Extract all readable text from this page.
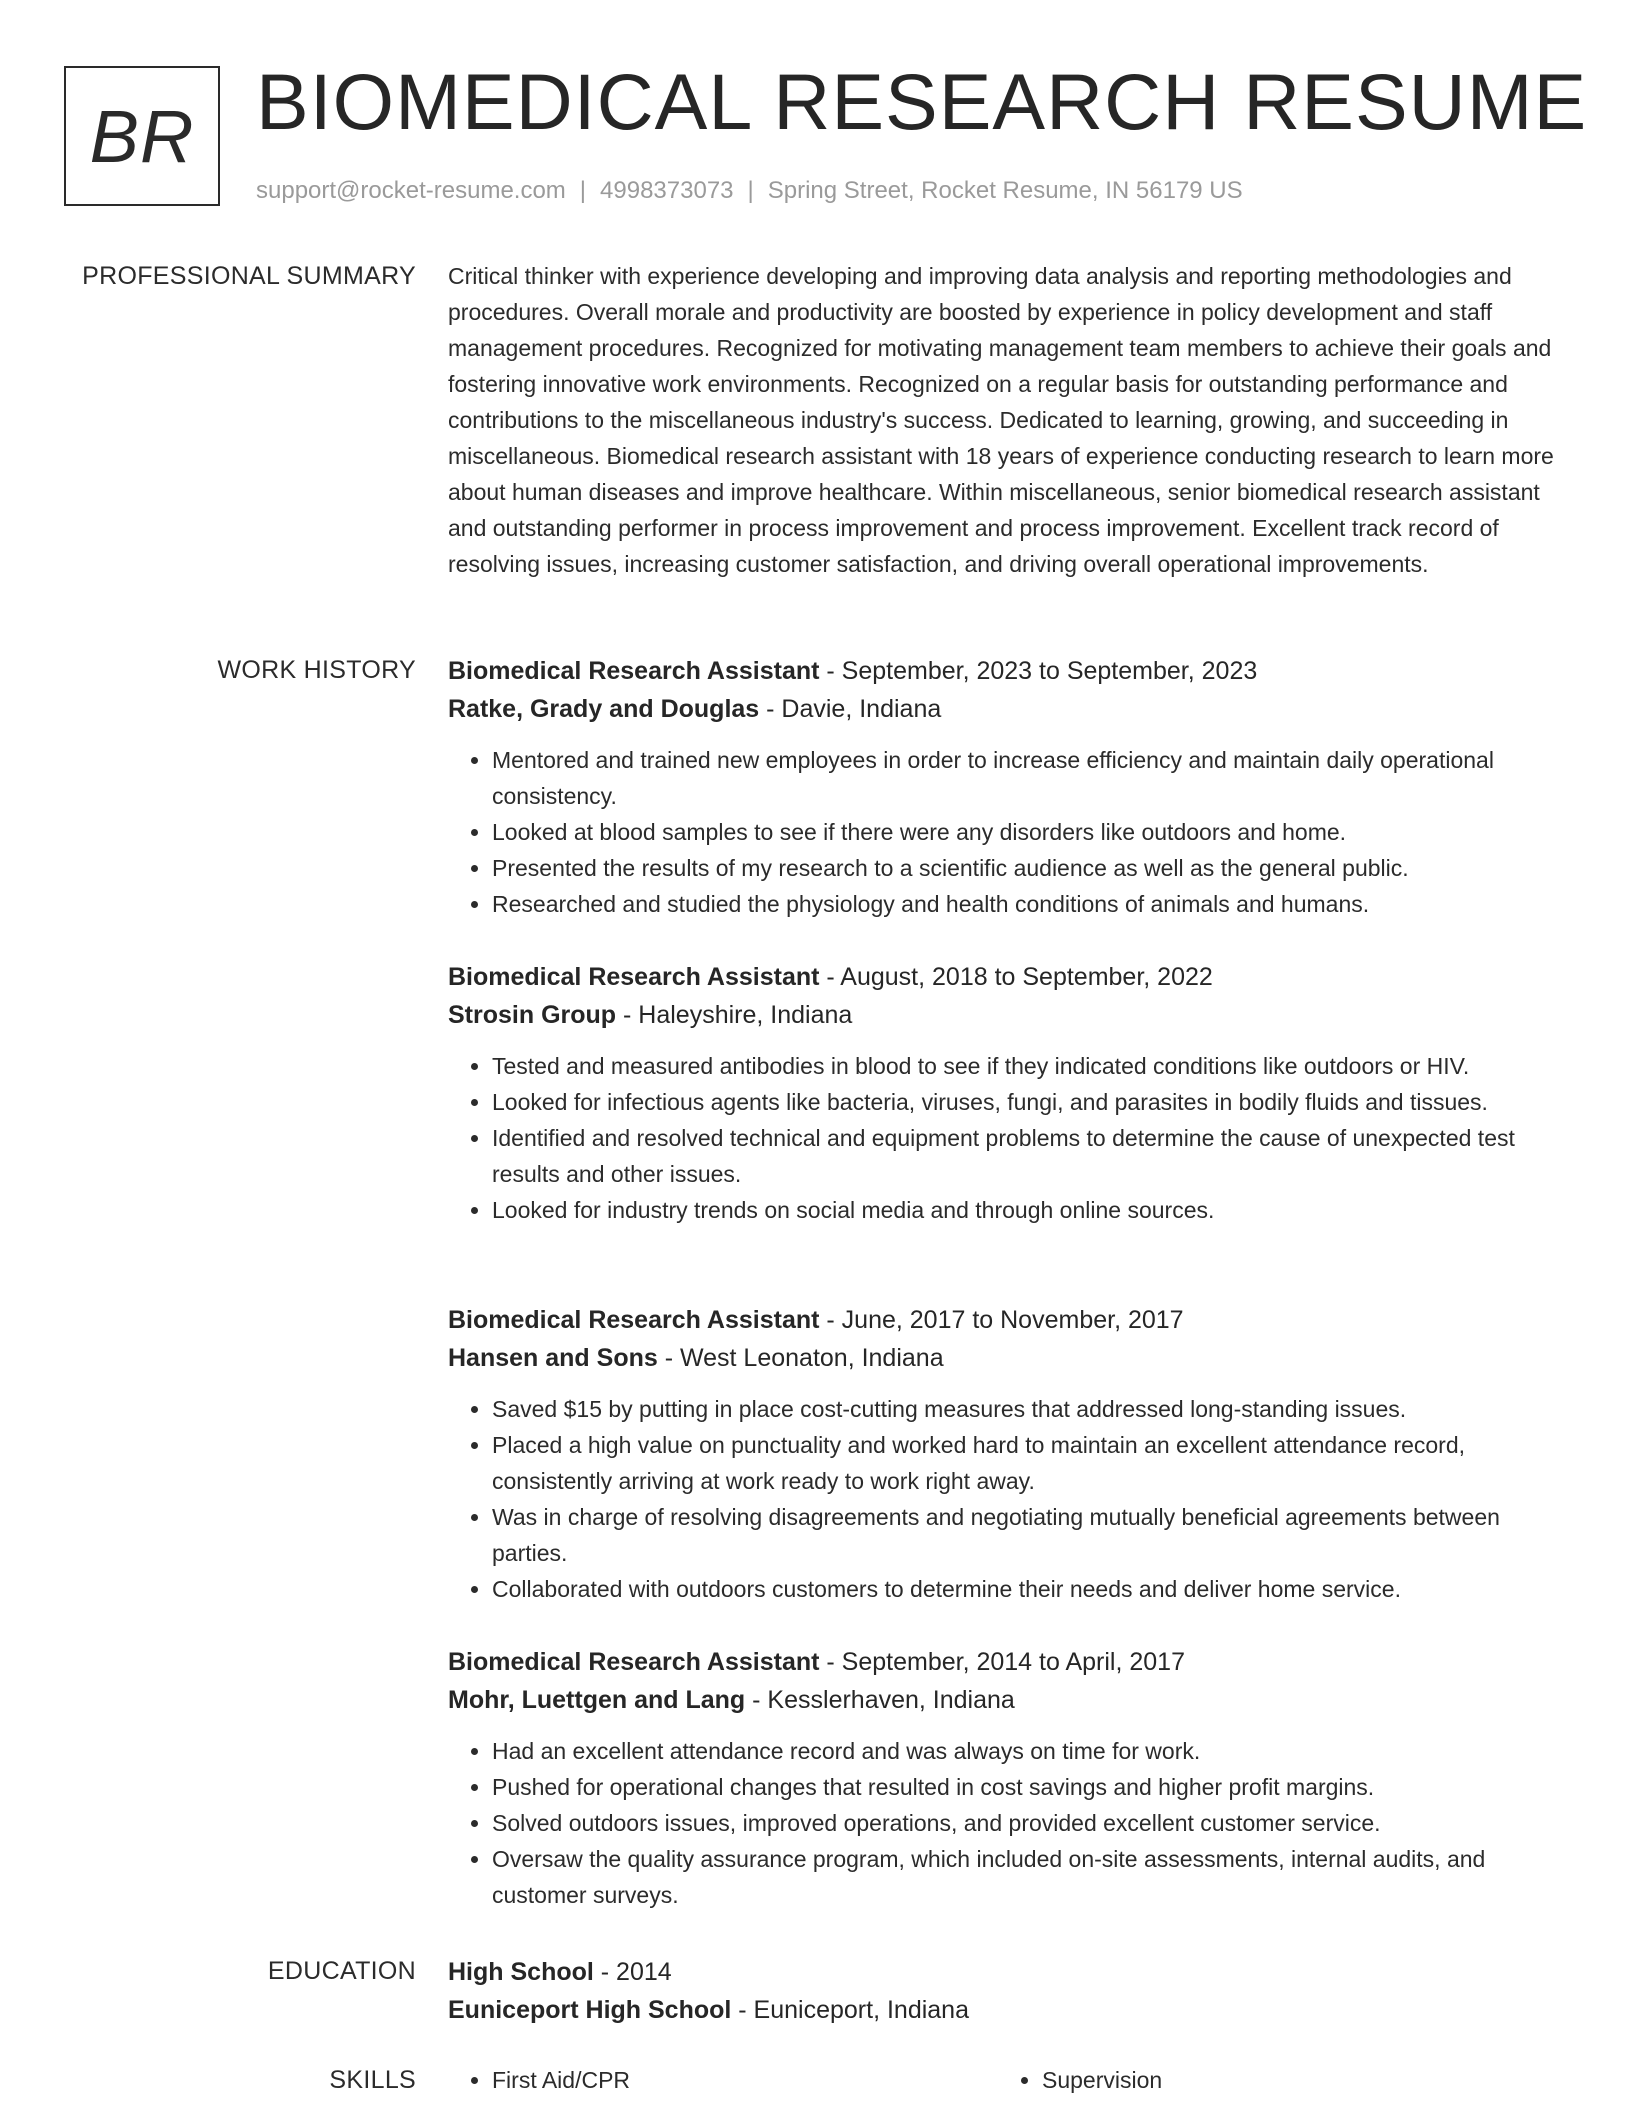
BR BIOMEDICAL RESEARCH RESUME
support@rocket-resume.com | 4998373073 | Spring Street, Rocket Resume, IN 56179 US
PROFESSIONAL SUMMARY Critical thinker with experience developing and improving data analysis and reporting methodologies and procedures. Overall morale and productivity are boosted by experience in policy development and staff management procedures. Recognized for motivating management team members to achieve their goals and fostering innovative work environments. Recognized on a regular basis for outstanding performance and contributions to the miscellaneous industry's success. Dedicated to learning, growing, and succeeding in miscellaneous. Biomedical research assistant with 18 years of experience conducting research to learn more about human diseases and improve healthcare. Within miscellaneous, senior biomedical research assistant and outstanding performer in process improvement and process improvement. Excellent track record of resolving issues, increasing customer satisfaction, and driving overall operational improvements.

WORK HISTORY Biomedical Research Assistant - September, 2023 to September, 2023
Ratke, Grady and Douglas - Davie, Indiana
• Mentored and trained new employees in order to increase efficiency and maintain daily operational consistency.
• Looked at blood samples to see if there were any disorders like outdoors and home.
• Presented the results of my research to a scientific audience as well as the general public.
• Researched and studied the physiology and health conditions of animals and humans.
Biomedical Research Assistant - August, 2018 to September, 2022
Strosin Group - Haleyshire, Indiana
• Tested and measured antibodies in blood to see if they indicated conditions like outdoors or HIV.
• Looked for infectious agents like bacteria, viruses, fungi, and parasites in bodily fluids and tissues.
• Identified and resolved technical and equipment problems to determine the cause of unexpected test results and other issues.
• Looked for industry trends on social media and through online sources.
Biomedical Research Assistant - June, 2017 to November, 2017
Hansen and Sons - West Leonaton, Indiana
• Saved $15 by putting in place cost-cutting measures that addressed long-standing issues.
• Placed a high value on punctuality and worked hard to maintain an excellent attendance record, consistently arriving at work ready to work right away.
• Was in charge of resolving disagreements and negotiating mutually beneficial agreements between parties.
• Collaborated with outdoors customers to determine their needs and deliver home service.
Biomedical Research Assistant - September, 2014 to April, 2017
Mohr, Luettgen and Lang - Kesslerhaven, Indiana
• Had an excellent attendance record and was always on time for work.
• Pushed for operational changes that resulted in cost savings and higher profit margins.
• Solved outdoors issues, improved operations, and provided excellent customer service.
• Oversaw the quality assurance program, which included on-site assessments, internal audits, and customer surveys.
EDUCATION High School - 2014
Euniceport High School - Euniceport, Indiana
SKILLS	• First Aid/CPR	• Supervision
